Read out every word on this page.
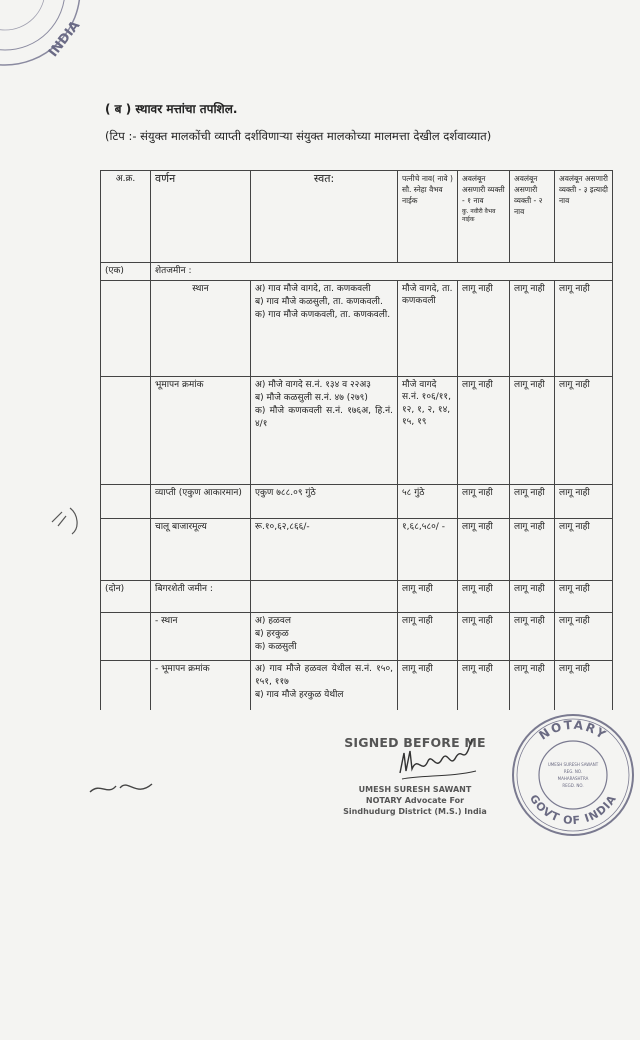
INDIA
( ब ) स्थावर मत्तांचा तपशिल.
(टिप :- संयुक्त मालकोंची व्याप्ती दर्शविणाऱ्या संयुक्त मालकोच्या मालमत्ता देखील दर्शवाव्यात)
अ.क्र.	वर्णन	स्वत:	पत्नीचे नाव( नावे ) सौ. स्नेहा वैभव नाईक	अवलंबून असणारी व्यक्ती - १ नाव
कु. नवीरी वैभव नाईक	अवलंबून असणारी व्यक्ती - २ नाव	अवलंबून असणारी व्यक्ती - ३ इत्यादी नाव
(एक)	शेतजमीन :					
	स्थान	अ) गाव मौजे वागदे, ता. कणकवली
ब) गाव मौजे कळसुली, ता. कणकवली.
क) गाव मौजे कणकवली, ता. कणकवली.	मौजे वागदे, ता. कणकवली	लागू नाही	लागू नाही	लागू नाही
	भूमापन क्रमांक	अ) मौजे वागदे स.नं. १३४ व २२अ३
ब) मौजे कळसुली स.नं. ४७ (२७९)
क) मौजे कणकवली स.नं. १७६अ, हि.नं. ४/१	मौजे वागदे स.नं. १०६/११, १२, १, २, १४, १५, १९	लागू नाही	लागू नाही	लागू नाही
	व्याप्ती (एकुण आकारमान)	एकुण ७८८.०९ गुंठे	५८ गुंठे	लागू नाही	लागू नाही	लागू नाही
	चालू बाजारमूल्य	रू.१०,६२,८६६/-	१,६८,५८०/ -	लागू नाही	लागू नाही	लागू नाही
(दोन)	बिगरशेती जमीन :		लागू नाही	लागू नाही	लागू नाही	लागू नाही
	- स्थान	अ) हळवल
ब) हरकुळ
क) कळसुली	लागू नाही	लागू नाही	लागू नाही	लागू नाही
	- भूमापन क्रमांक	अ) गाव मौजे हळवल येथील स.नं. १५०, १५१, ११७
ब) गाव मौजे हरकुळ येथील	लागू नाही	लागू नाही	लागू नाही	लागू नाही
SIGNED BEFORE ME
UMESH SURESH SAWANT
NOTARY Advocate For
Sindhudurg District (M.S.) India
NOTARY
GOVT OF INDIA
UMESH SURESH SAWANT
REG. NO.
MAHARASHTRA
REGD. NO.
